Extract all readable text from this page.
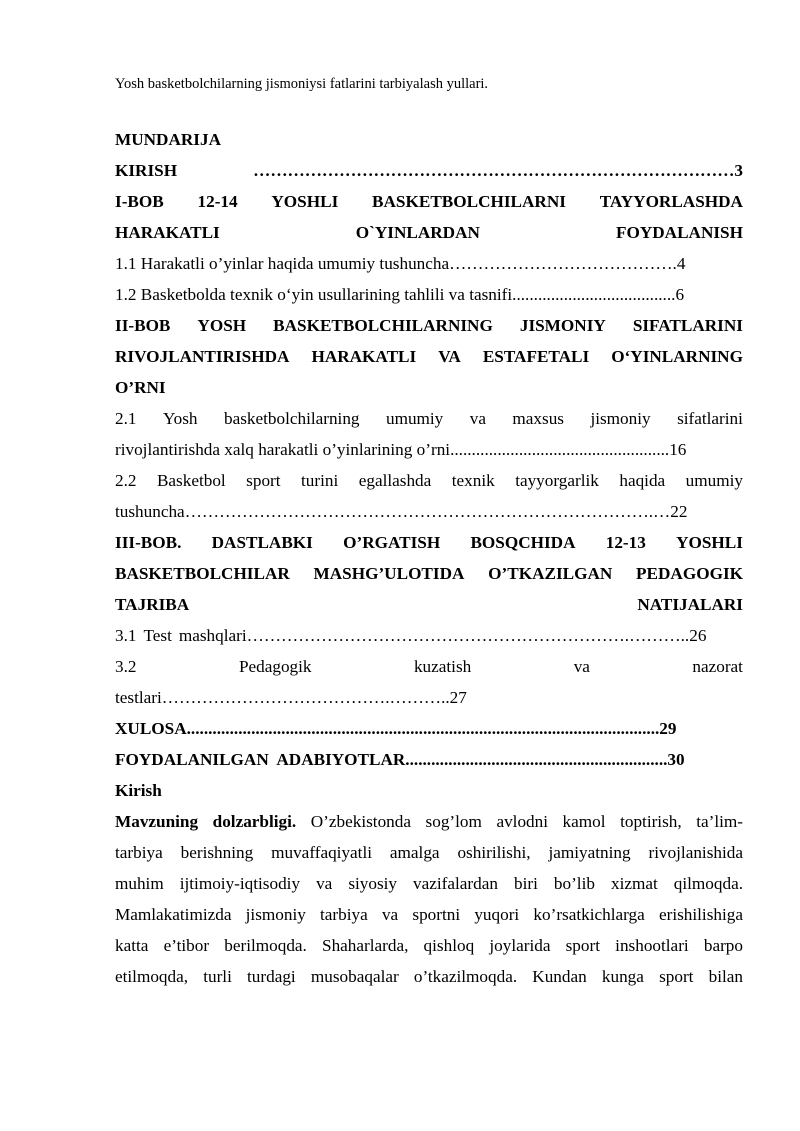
Yosh basketbolchilarning jismoniysi fatlarini tarbiyalash yullari.
MUNDARIJA
KIRISH	…………………………………………………………………………3
I-BOB 12-14 YOSHLI BASKETBOLCHILARNI TAYYORLASHDA
HARAKATLI	O`YINLARDAN	FOYDALANISH
1.1 Harakatli o’yinlar haqida umumiy tushuncha………………………………….4
1.2 Basketbolda texnik o‘yin usullarining tahlili va tasnifi......................................6
II-BOB YOSH BASKETBOLCHILARNING JISMONIY SIFATLARINI
RIVOJLANTIRISHDA HARAKATLI VA ESTAFETALI O‘YINLARNING
O’RNI
2.1 Yosh basketbolchilarning umumiy va maxsus jismoniy sifatlarini
rivojlantirishda xalq harakatli o’yinlarining o’rni...................................................16
2.2 Basketbol sport turini egallashda texnik tayyorgarlik haqida umumiy
tushuncha……………………………………………………………………….…22
III-BOB. DASTLABKI O’RGATISH BOSQCHIDA 12-13 YOSHLI
BASKETBOLCHILAR MASHG’ULOTIDA O’TKAZILGAN PEDAGOGIK
TAJRIBA	NATIJALARI
3.1 Test mashqlari………………………………………………………….………..26
3.2	Pedagogik	kuzatish	va	nazorat
testlari………………………………….………..27
XULOSA..............................................................................................................29
FOYDALANILGAN  ADABIYOTLAR.............................................................30
Kirish
Mavzuning dolzarbligi. O’zbekistonda sog’lom avlodni kamol toptirish, ta’lim-
tarbiya berishning muvaffaqiyatli amalga oshirilishi, jamiyatning rivojlanishida
muhim ijtimoiy-iqtisodiy va siyosiy vazifalardan biri bo’lib xizmat qilmoqda.
Mamlakatimizda jismoniy tarbiya va sportni yuqori ko’rsatkichlarga erishilishiga
katta e’tibor berilmoqda. Shaharlarda, qishloq joylarida sport inshootlari barpo
etilmoqda, turli turdagi musobaqalar o’tkazilmoqda. Kundan kunga sport bilan
